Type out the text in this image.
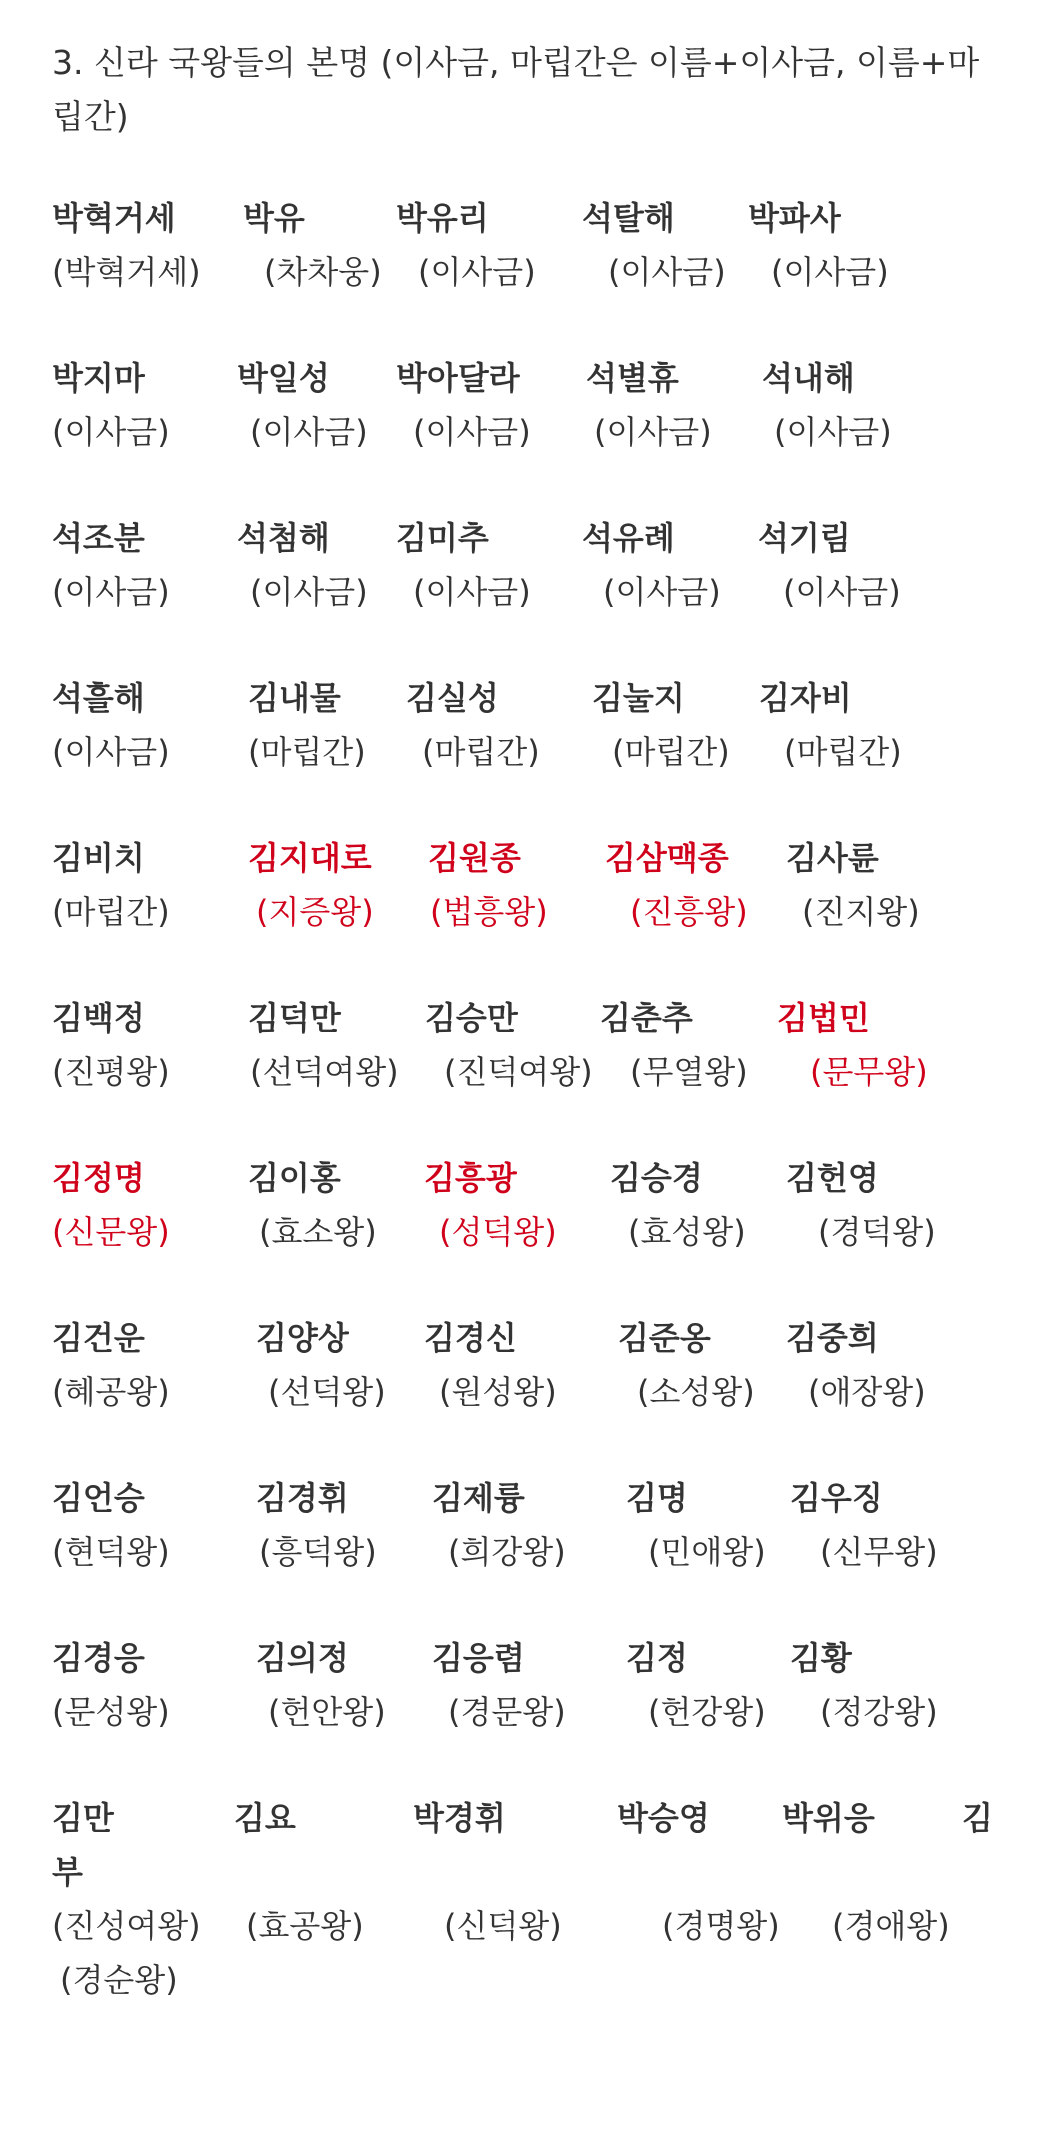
3. 신라 국왕들의 본명 (이사금, 마립간은 이름+이사금, 이름+마립간)

박혁거세
(박혁거세)
박유
(차차웅)
박유리
(이사금)
석탈해
(이사금)
박파사
(이사금)
박지마
(이사금)
박일성
(이사금)
박아달라
(이사금)
석별휴
(이사금)
석내해
(이사금)
석조분
(이사금)
석첨해
(이사금)
김미추
(이사금)
석유례
(이사금)
석기림
(이사금)
석흘해
(이사금)
김내물
(마립간)
김실성
(마립간)
김눌지
(마립간)
김자비
(마립간)
김비치
(마립간)
김지대로
(지증왕)
김원종
(법흥왕)
김삼맥종
(진흥왕)
김사륜
(진지왕)
김백정
(진평왕)
김덕만
(선덕여왕)
김승만
(진덕여왕)
김춘추
(무열왕)
김법민
(문무왕)
김정명
(신문왕)
김이홍
(효소왕)
김흥광
(성덕왕)
김승경
(효성왕)
김헌영
(경덕왕)
김건운
(혜공왕)
김양상
(선덕왕)
김경신
(원성왕)
김준옹
(소성왕)
김중희
(애장왕)
김언승
(현덕왕)
김경휘
(흥덕왕)
김제륭
(희강왕)
김명
(민애왕)
김우징
(신무왕)
김경응
(문성왕)
김의정
(헌안왕)
김응렴
(경문왕)
김정
(헌강왕)
김황
(정강왕)
김만
(진성여왕)
김요
(효공왕)
박경휘
(신덕왕)
박승영
(경명왕)
박위응
(경애왕)
김
부
(경순왕)
